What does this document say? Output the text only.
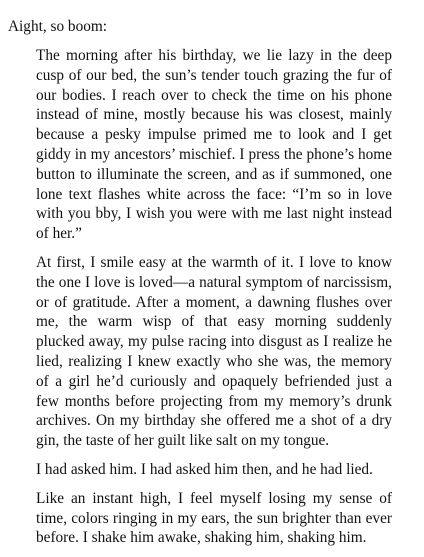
Aight, so boom:

The morning after his birthday, we lie lazy in the deep cusp of our bed, the sun’s tender touch grazing the fur of our bodies. I reach over to check the time on his phone instead of mine, mostly because his was closest, mainly because a pesky impulse primed me to look and I get giddy in my ancestors’ mischief. I press the phone’s home button to illuminate the screen, and as if summoned, one lone text flashes white across the face: “I’m so in love with you bby, I wish you were with me last night instead of her.”

At first, I smile easy at the warmth of it. I love to know the one I love is loved—a natural symptom of narcissism, or of gratitude. After a moment, a dawning flushes over me, the warm wisp of that easy morning suddenly plucked away, my pulse racing into disgust as I realize he lied, realizing I knew exactly who she was, the memory of a girl he’d curiously and opaquely befriended just a few months before projecting from my memory’s drunk archives. On my birthday she offered me a shot of a dry gin, the taste of her guilt like salt on my tongue.

I had asked him. I had asked him then, and he had lied.

Like an instant high, I feel myself losing my sense of time, colors ringing in my ears, the sun brighter than ever before. I shake him awake, shaking him, shaking him.
